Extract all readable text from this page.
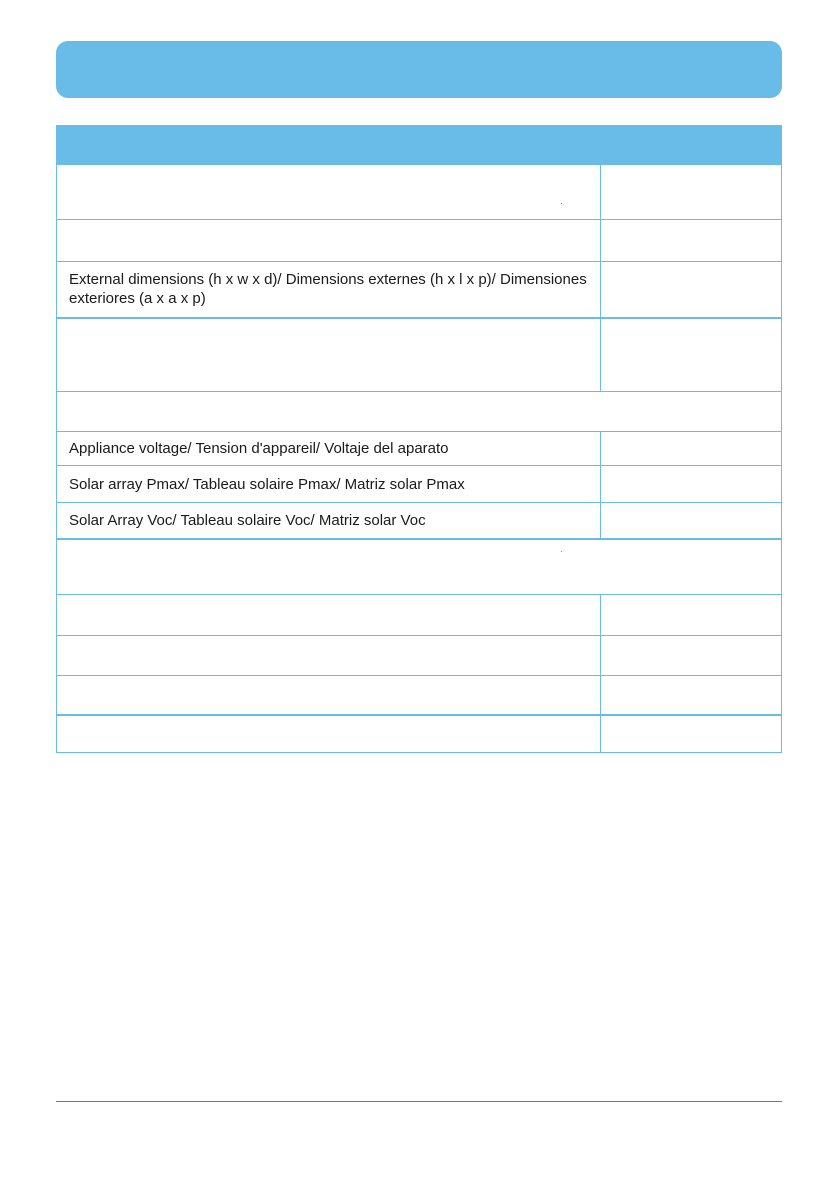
External dimensions (h x w x d)/ Dimensions externes (h x l x p)/ Dimensiones exteriores (a x a x p)	

Appliance voltage/ Tension d'appareil/ Voltaje del aparato	
Solar array Pmax/ Tableau solaire Pmax/ Matriz solar Pmax	
Solar Array Voc/ Tableau solaire Voc/ Matriz solar Voc	
